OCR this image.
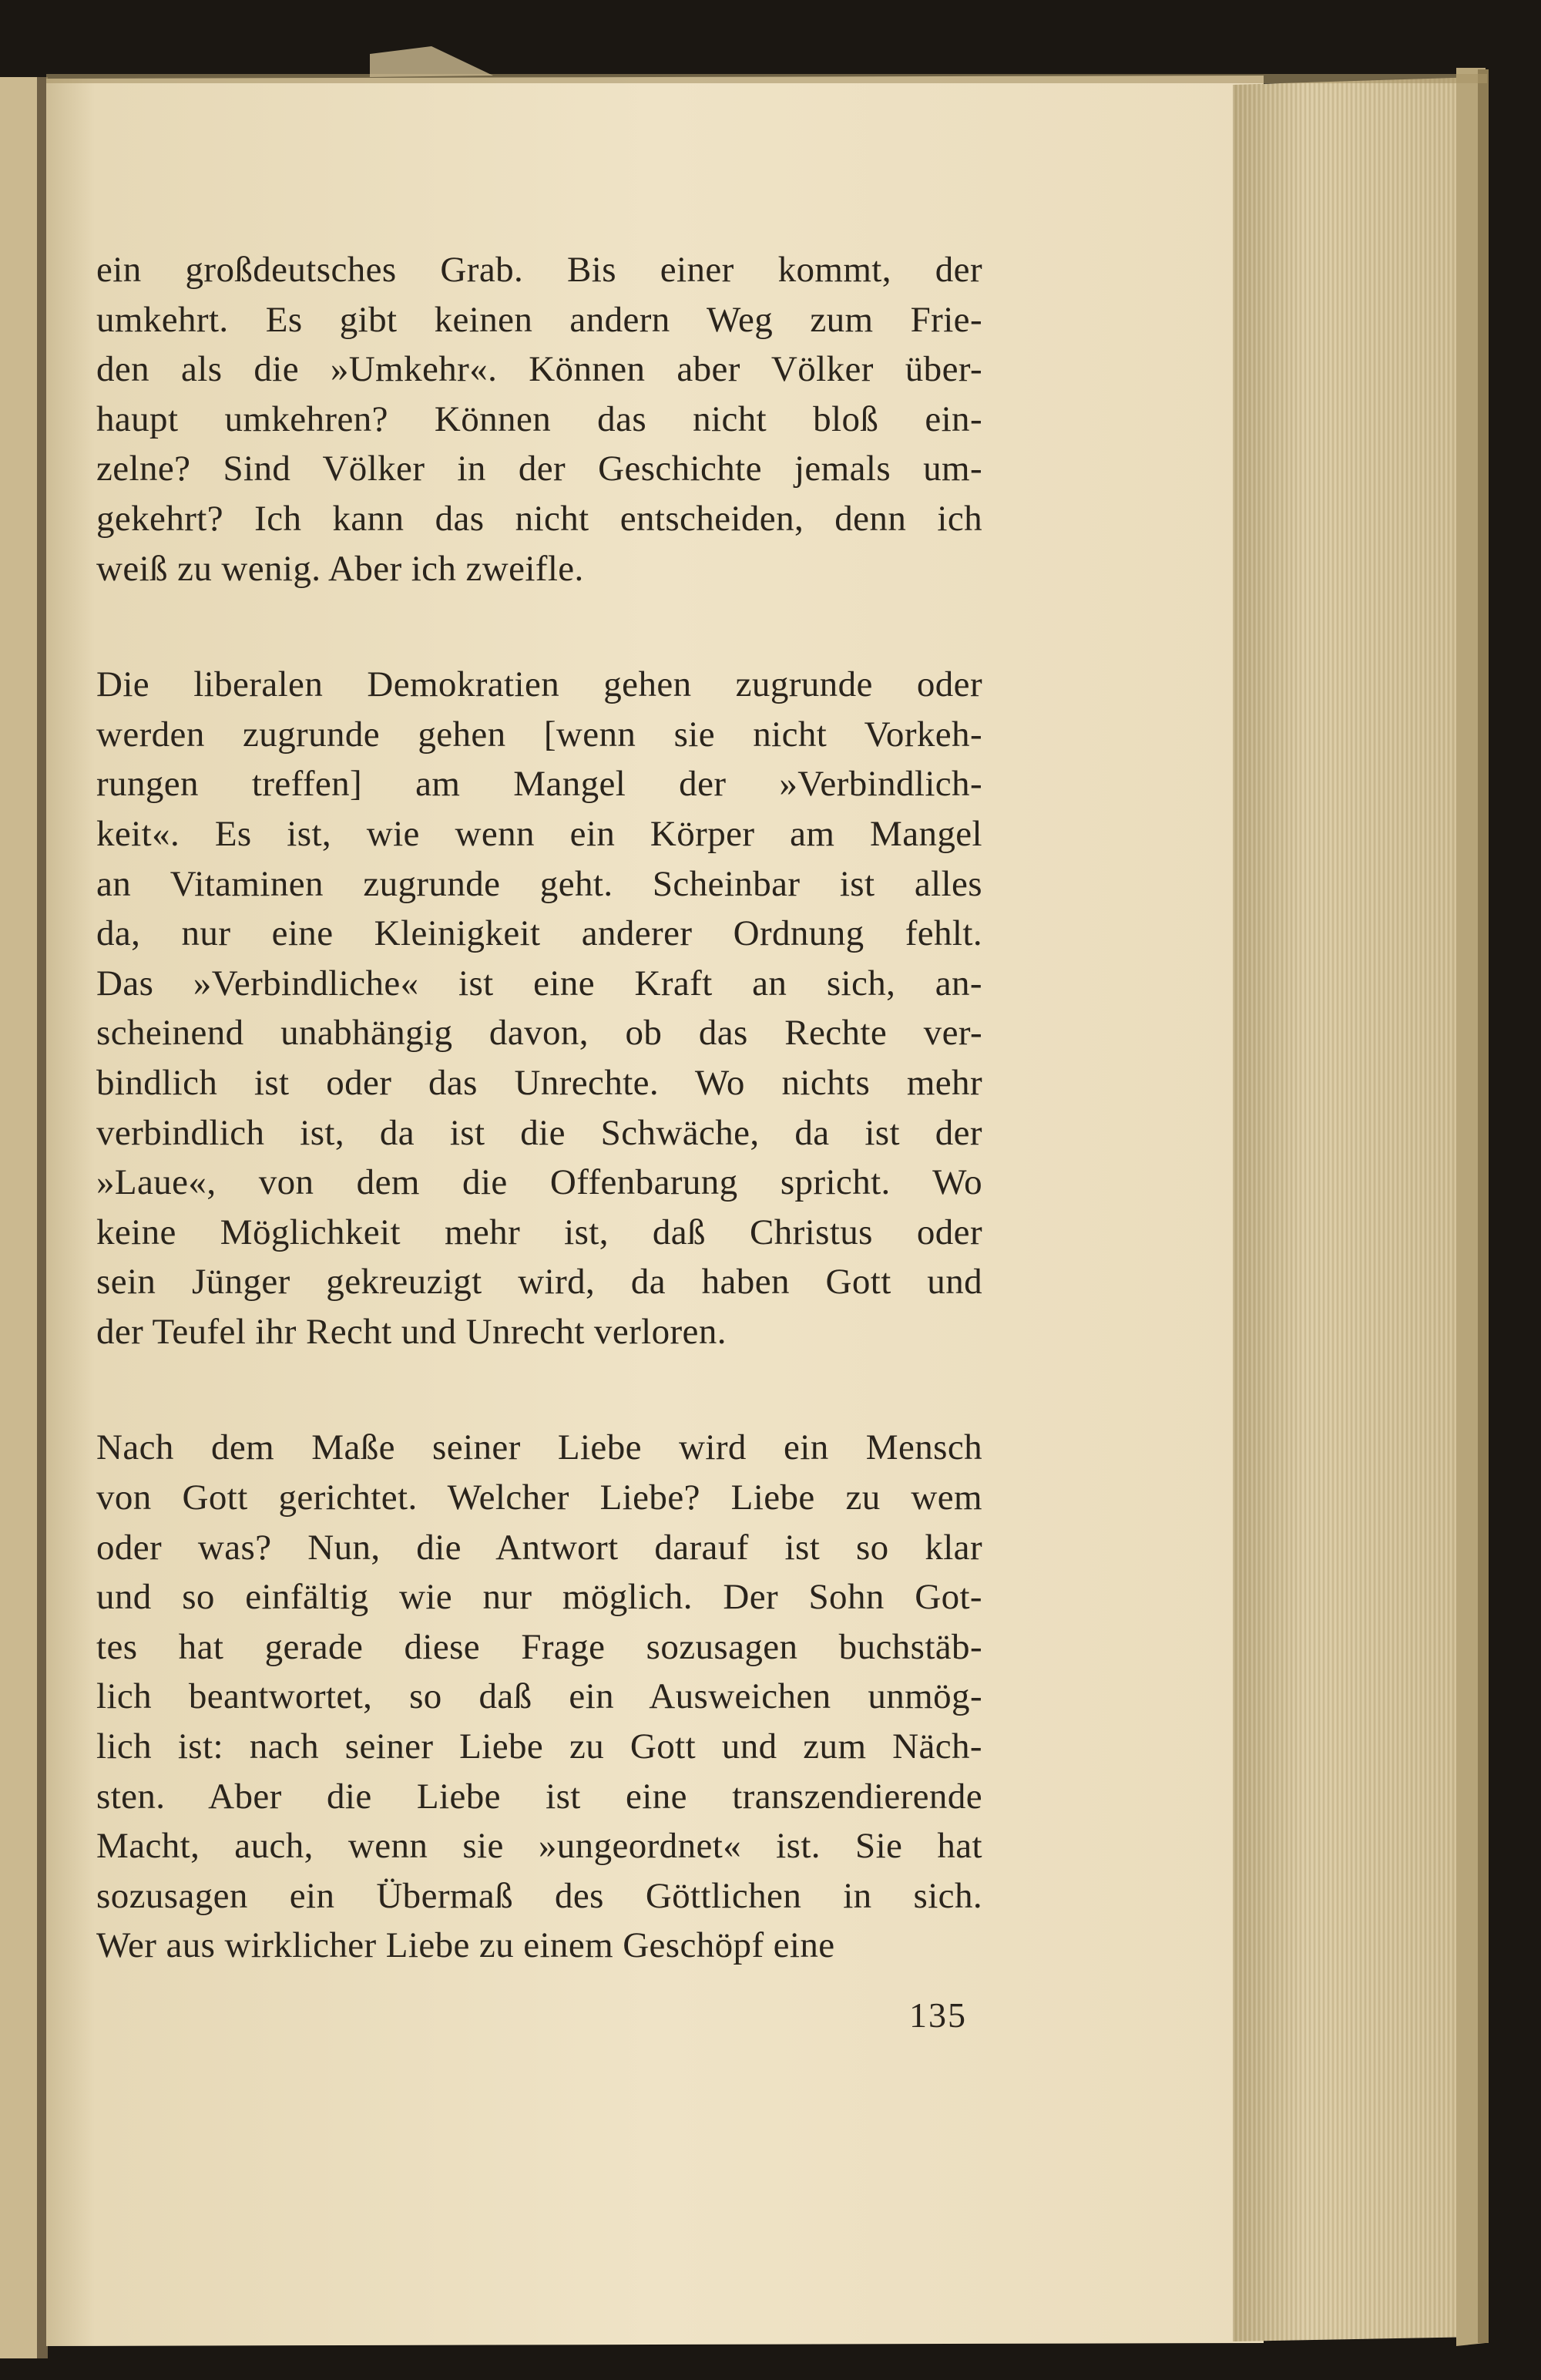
ein großdeutsches Grab. Bis einer kommt, der
umkehrt. Es gibt keinen andern Weg zum Frie-
den als die »Umkehr«. Können aber Völker über-
haupt umkehren? Können das nicht bloß ein-
zelne? Sind Völker in der Geschichte jemals um-
gekehrt? Ich kann das nicht entscheiden, denn ich
weiß zu wenig. Aber ich zweifle.
Die liberalen Demokratien gehen zugrunde oder
werden zugrunde gehen [wenn sie nicht Vorkeh-
rungen treffen] am Mangel der »Verbindlich-
keit«. Es ist, wie wenn ein Körper am Mangel
an Vitaminen zugrunde geht. Scheinbar ist alles
da, nur eine Kleinigkeit anderer Ordnung fehlt.
Das »Verbindliche« ist eine Kraft an sich, an-
scheinend unabhängig davon, ob das Rechte ver-
bindlich ist oder das Unrechte. Wo nichts mehr
verbindlich ist, da ist die Schwäche, da ist der
»Laue«, von dem die Offenbarung spricht. Wo
keine Möglichkeit mehr ist, daß Christus oder
sein Jünger gekreuzigt wird, da haben Gott und
der Teufel ihr Recht und Unrecht verloren.
Nach dem Maße seiner Liebe wird ein Mensch
von Gott gerichtet. Welcher Liebe? Liebe zu wem
oder was? Nun, die Antwort darauf ist so klar
und so einfältig wie nur möglich. Der Sohn Got-
tes hat gerade diese Frage sozusagen buchstäb-
lich beantwortet, so daß ein Ausweichen unmög-
lich ist: nach seiner Liebe zu Gott und zum Näch-
sten. Aber die Liebe ist eine transzendierende
Macht, auch, wenn sie »ungeordnet« ist. Sie hat
sozusagen ein Übermaß des Göttlichen in sich.
Wer aus wirklicher Liebe zu einem Geschöpf eine
135
